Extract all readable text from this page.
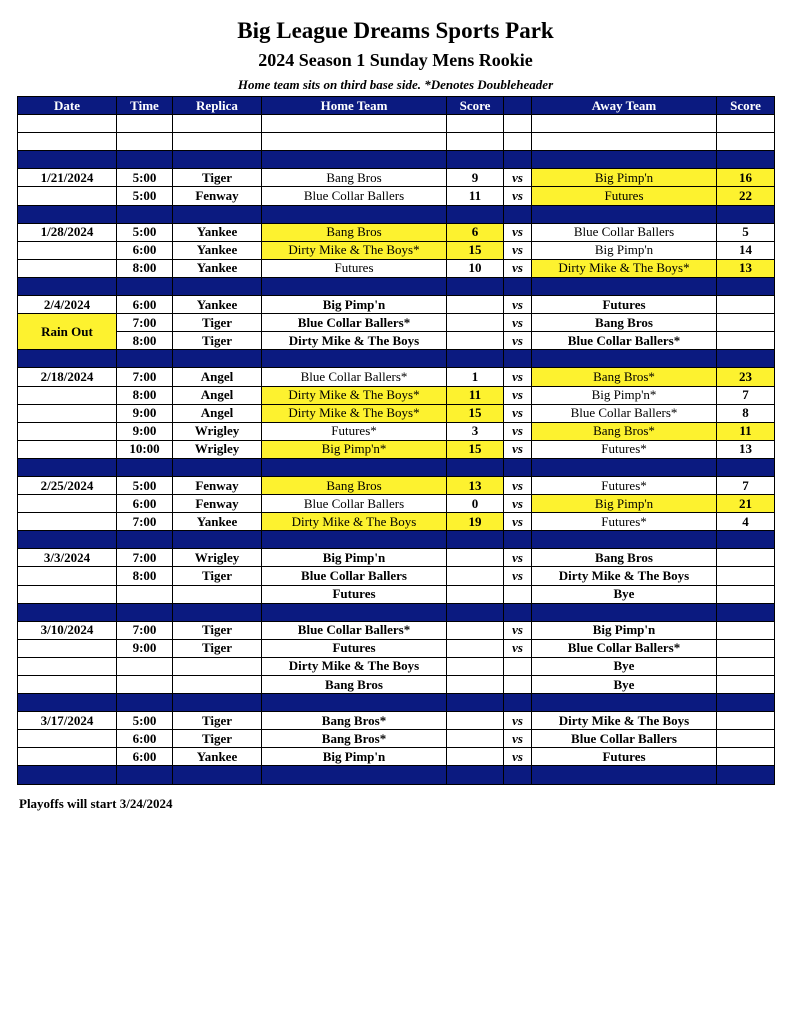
Big League Dreams Sports Park
2024 Season 1 Sunday Mens Rookie
Home team sits on third base side. *Denotes Doubleheader
Date	Time	Replica	Home Team	Score		Away Team	Score

1/21/2024	5:00	Tiger	Bang Bros	9	vs	Big Pimp'n	16
	5:00	Fenway	Blue Collar Ballers	11	vs	Futures	22

1/28/2024	5:00	Yankee	Bang Bros	6	vs	Blue Collar Ballers	5
	6:00	Yankee	Dirty Mike & The Boys*	15	vs	Big Pimp'n	14
	8:00	Yankee	Futures	10	vs	Dirty Mike & The Boys*	13

2/4/2024	6:00	Yankee	Big Pimp'n		vs	Futures	
Rain Out	7:00	Tiger	Blue Collar Ballers*		vs	Bang Bros	
	8:00	Tiger	Dirty Mike & The Boys		vs	Blue Collar Ballers*	

2/18/2024	7:00	Angel	Blue Collar Ballers*	1	vs	Bang Bros*	23
	8:00	Angel	Dirty Mike & The Boys*	11	vs	Big Pimp'n*	7
	9:00	Angel	Dirty Mike & The Boys*	15	vs	Blue Collar Ballers*	8
	9:00	Wrigley	Futures*	3	vs	Bang Bros*	11
	10:00	Wrigley	Big Pimp'n*	15	vs	Futures*	13

2/25/2024	5:00	Fenway	Bang Bros	13	vs	Futures*	7
	6:00	Fenway	Blue Collar Ballers	0	vs	Big Pimp'n	21
	7:00	Yankee	Dirty Mike & The Boys	19	vs	Futures*	4

3/3/2024	7:00	Wrigley	Big Pimp'n		vs	Bang Bros	
	8:00	Tiger	Blue Collar Ballers		vs	Dirty Mike & The Boys	
			Futures			Bye	

3/10/2024	7:00	Tiger	Blue Collar Ballers*		vs	Big Pimp'n	
	9:00	Tiger	Futures		vs	Blue Collar Ballers*	
			Dirty Mike & The Boys			Bye	
			Bang Bros			Bye	

3/17/2024	5:00	Tiger	Bang Bros*		vs	Dirty Mike & The Boys	
	6:00	Tiger	Bang Bros*		vs	Blue Collar Ballers	
	6:00	Yankee	Big Pimp'n		vs	Futures	

Playoffs will start 3/24/2024
